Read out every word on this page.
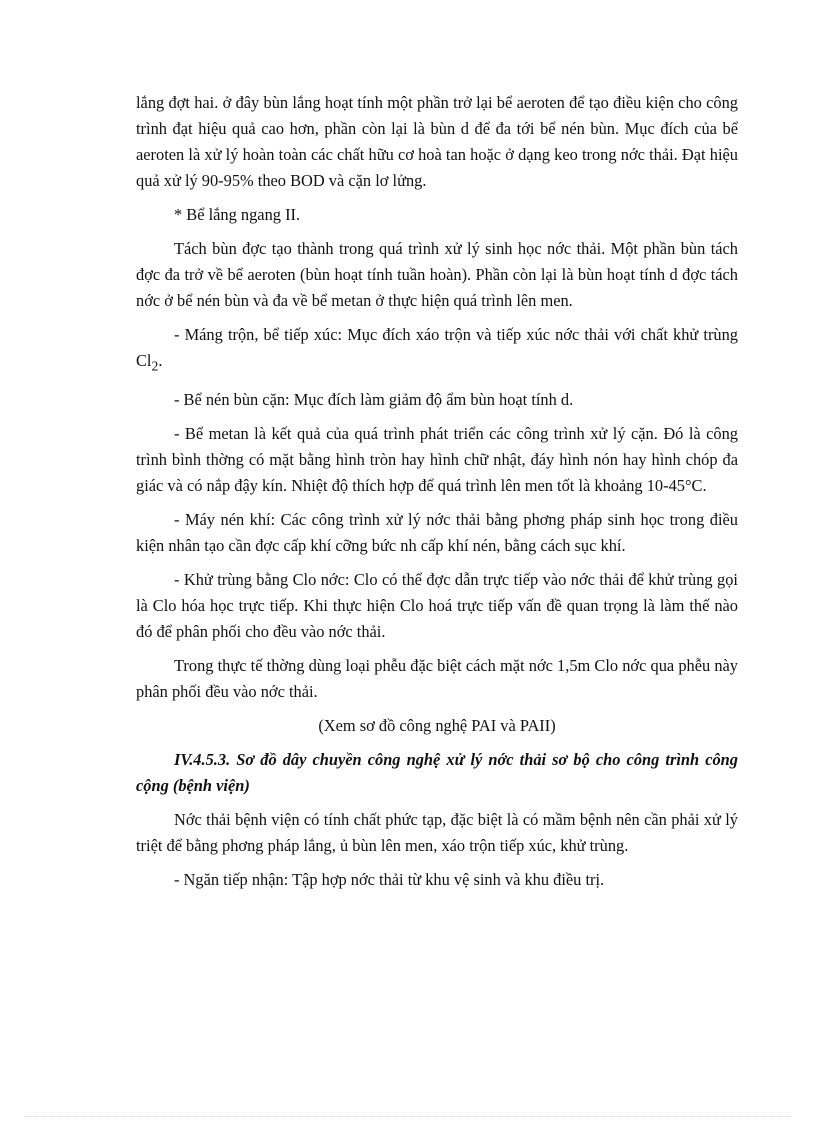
lắng đợt hai. ở đây bùn lắng hoạt tính một phần trở lại bể aeroten để tạo điều kiện cho công trình đạt hiệu quả cao hơn, phần còn lại là bùn d để đa tới bể nén bùn. Mục đích của bể aeroten là xử lý hoàn toàn các chất hữu cơ hoà tan hoặc ở dạng keo trong nớc thải. Đạt hiệu quả xử lý 90-95% theo BOD và cặn lơ lửng.

* Bể lắng ngang II.

Tách bùn đợc tạo thành trong quá trình xử lý sinh học nớc thải. Một phần bùn tách đợc đa trở về bể aeroten (bùn hoạt tính tuần hoàn). Phần còn lại là bùn hoạt tính d đợc tách nớc ở bể nén bùn và đa về bể metan ở thực hiện quá trình lên men.

- Máng trộn, bể tiếp xúc: Mục đích xáo trộn và tiếp xúc nớc thải với chất khử trùng $Cl_2$.

- Bể nén bùn cặn: Mục đích làm giảm độ ẩm bùn hoạt tính d.

- Bể metan là kết quả của quá trình phát triển các công trình xử lý cặn. Đó là công trình bình thờng có mặt bằng hình tròn hay hình chữ nhật, đáy hình nón hay hình chóp đa giác và có nắp đậy kín. Nhiệt độ thích hợp để quá trình lên men tốt là khoảng 10-45°C.

- Máy nén khí: Các công trình xử lý nớc thải bằng phơng pháp sinh học trong điều kiện nhân tạo cần đợc cấp khí cỡng bức nh cấp khí nén, bằng cách sục khí.

- Khử trùng bằng Clo nớc: Clo có thể đợc dẫn trực tiếp vào nớc thải để khử trùng gọi là Clo hóa học trực tiếp. Khi thực hiện Clo hoá trực tiếp vấn đề quan trọng là làm thế nào đó để phân phối cho đều vào nớc thải.

Trong thực tế thờng dùng loại phễu đặc biệt cách mặt nớc 1,5m Clo nớc qua phễu này phân phối đều vào nớc thải.

(Xem sơ đồ công nghệ PAI và PAII)

IV.4.5.3. Sơ đồ dây chuyền công nghệ xử lý nớc thải sơ bộ cho công trình công cộng (bệnh viện)

Nớc thải bệnh viện có tính chất phức tạp, đặc biệt là có mầm bệnh nên cần phải xử lý triệt để bằng phơng pháp lắng, ủ bùn lên men, xáo trộn tiếp xúc, khử trùng.

- Ngăn tiếp nhận: Tập hợp nớc thải từ khu vệ sinh và khu điều trị.
